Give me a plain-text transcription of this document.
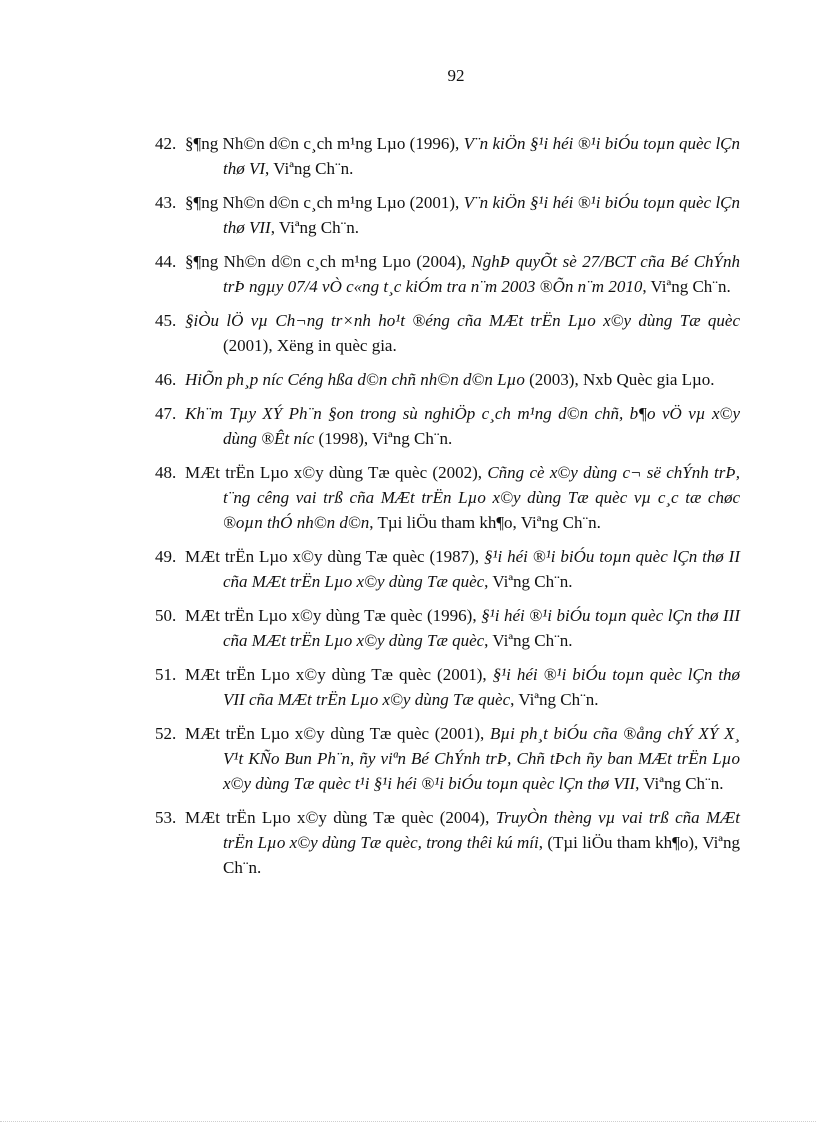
92
42. §¶ng Nh©n d©n c¸ch m¹ng Lµo (1996), V¨n kiÖn §¹i héi ®¹i biÓu toµn quèc lÇn thø VI, Viªng Ch¨n.
43. §¶ng Nh©n d©n c¸ch m¹ng Lµo (2001), V¨n kiÖn §¹i héi ®¹i biÓu toµn quèc lÇn thø VII, Viªng Ch¨n.
44. §¶ng Nh©n d©n c¸ch m¹ng Lµo (2004), NghÞ quyÕt sè 27/BCT cña Bé ChÝnh trÞ ngµy 07/4 vÒ c«ng t¸c kiÓm tra n¨m 2003 ®Õn n¨m 2010, Viªng Ch¨n.
45. §iÒu lÖ vµ Ch¬ng tr×nh ho¹t ®éng cña MÆt trËn Lµo x©y dùng Tæ quèc (2001), Xëng in quèc gia.
46. HiÕn ph¸p níc Céng hßa d©n chñ nh©n d©n Lµo (2003), Nxb Quèc gia Lµo.
47. Kh¨m Tµy XÝ Ph¨n §on trong sù nghiÖp c¸ch m¹ng d©n chñ, b¶o vÖ vµ x©y dùng ®Êt níc (1998), Viªng Ch¨n.
48. MÆt trËn Lµo x©y dùng Tæ quèc (2002), Cñng cè x©y dùng c¬ së chÝnh trÞ, t¨ng cêng vai trß cña MÆt trËn Lµo x©y dùng Tæ quèc vµ c¸c tæ chøc ®oµn thÓ nh©n d©n, Tµi liÖu tham kh¶o, Viªng Ch¨n.
49. MÆt trËn Lµo x©y dùng Tæ quèc (1987), §¹i héi ®¹i biÓu toµn quèc lÇn thø II cña MÆt trËn Lµo x©y dùng Tæ quèc, Viªng Ch¨n.
50. MÆt trËn Lµo x©y dùng Tæ quèc (1996), §¹i héi ®¹i biÓu toµn quèc lÇn thø III cña MÆt trËn Lµo x©y dùng Tæ quèc, Viªng Ch¨n.
51. MÆt trËn Lµo x©y dùng Tæ quèc (2001), §¹i héi ®¹i biÓu toµn quèc lÇn thø VII cña MÆt trËn Lµo x©y dùng Tæ quèc, Viªng Ch¨n.
52. MÆt trËn Lµo x©y dùng Tæ quèc (2001), Bµi ph¸t biÓu cña ®ång chÝ XÝ X¸ V¹t KÑo Bun Ph¨n, ñy viªn Bé ChÝnh trÞ, Chñ tÞch ñy ban MÆt trËn Lµo x©y dùng Tæ quèc t¹i §¹i héi ®¹i biÓu toµn quèc lÇn thø VII, Viªng Ch¨n.
53. MÆt trËn Lµo x©y dùng Tæ quèc (2004), TruyÒn thèng vµ vai trß cña MÆt trËn Lµo x©y dùng Tæ quèc, trong thêi kú míi, (Tµi liÖu tham kh¶o), Viªng Ch¨n.
